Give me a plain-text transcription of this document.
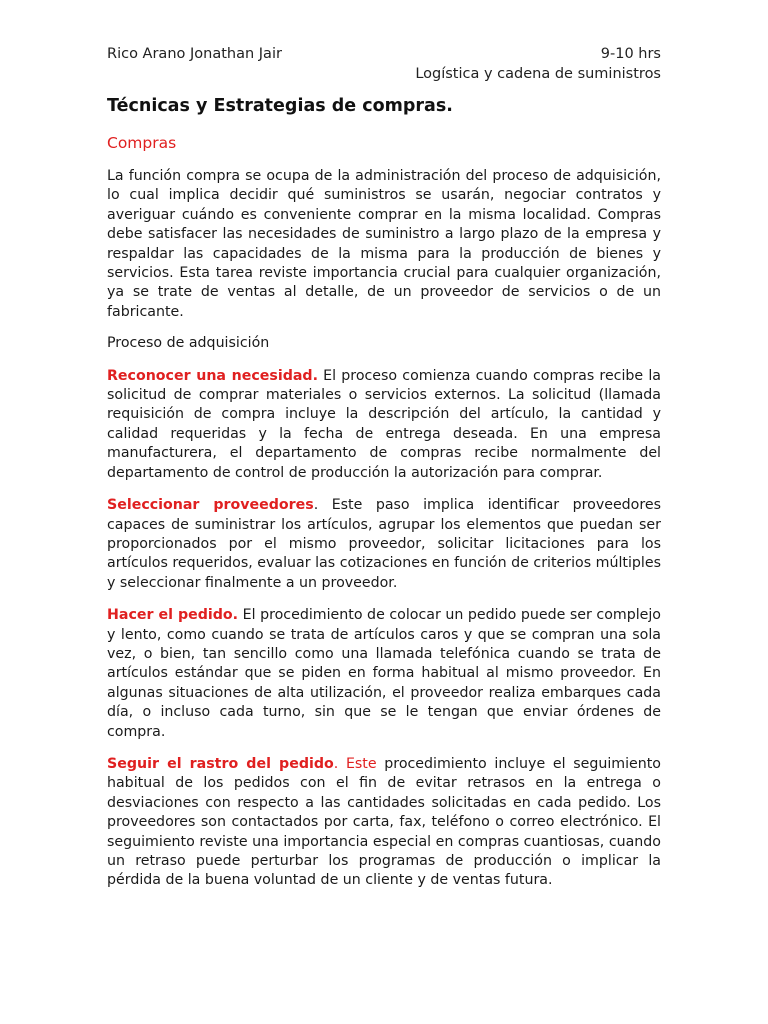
Rico Arano Jonathan Jair	9-10 hrs
Logística y cadena de suministros
Técnicas y Estrategias de compras.
Compras

La función compra se ocupa de la administración del proceso de adquisición, lo cual implica decidir qué suministros se usarán, negociar contratos y averiguar cuándo es conveniente comprar en la misma localidad. Compras debe satisfacer las necesidades de suministro a largo plazo de la empresa y respaldar las capacidades de la misma para la producción de bienes y servicios. Esta tarea reviste importancia crucial para cualquier organización, ya se trate de ventas al detalle, de un proveedor de servicios o de un fabricante.

Proceso de adquisición

Reconocer una necesidad. El proceso comienza cuando compras recibe la solicitud de comprar materiales o servicios externos. La solicitud (llamada requisición de compra incluye la descripción del artículo, la cantidad y calidad requeridas y la fecha de entrega deseada. En una empresa manufacturera, el departamento de compras recibe normalmente del departamento de control de producción la autorización para comprar.

Seleccionar proveedores. Este paso implica identificar proveedores capaces de suministrar los artículos, agrupar los elementos que puedan ser proporcionados por el mismo proveedor, solicitar licitaciones para los artículos requeridos, evaluar las cotizaciones en función de criterios múltiples y seleccionar finalmente a un proveedor.

Hacer el pedido. El procedimiento de colocar un pedido puede ser complejo y lento, como cuando se trata de artículos caros y que se compran una sola vez, o bien, tan sencillo como una llamada telefónica cuando se trata de artículos estándar que se piden en forma habitual al mismo proveedor. En algunas situaciones de alta utilización, el proveedor realiza embarques cada día, o incluso cada turno, sin que se le tengan que enviar órdenes de compra.

Seguir el rastro del pedido. Este procedimiento incluye el seguimiento habitual de los pedidos con el fin de evitar retrasos en la entrega o desviaciones con respecto a las cantidades solicitadas en cada pedido. Los proveedores son contactados por carta, fax, teléfono o correo electrónico. El seguimiento reviste una importancia especial en compras cuantiosas, cuando un retraso puede perturbar los programas de producción o implicar la pérdida de la buena voluntad de un cliente y de ventas futura.
